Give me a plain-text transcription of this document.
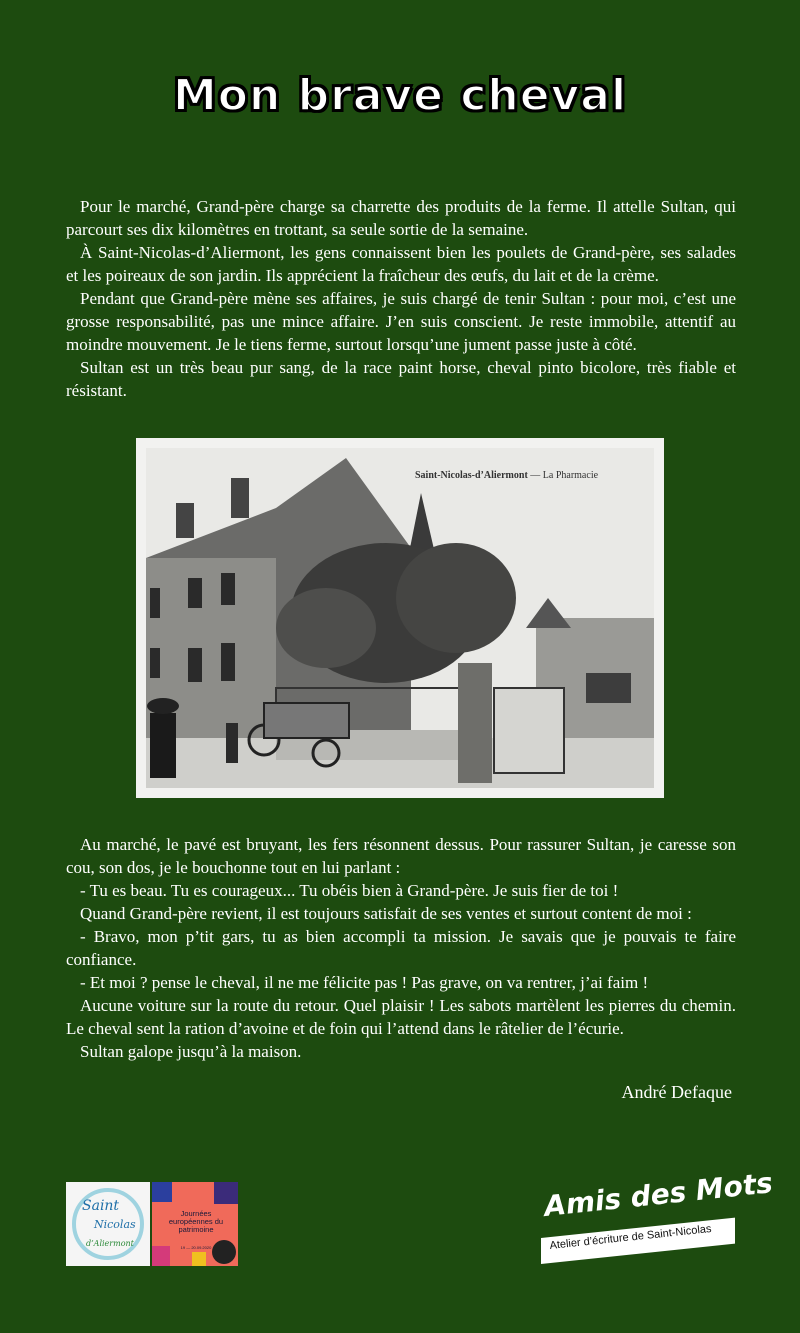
Mon brave cheval

Pour le marché, Grand-père charge sa charrette des produits de la ferme. Il attelle Sultan, qui parcourt ses dix kilomètres en trottant, sa seule sortie de la semaine.

À Saint-Nicolas-d’Aliermont, les gens connaissent bien les poulets de Grand-père, ses salades et les poireaux de son jardin. Ils apprécient la fraîcheur des œufs, du lait et de la crème.

Pendant que Grand-père mène ses affaires, je suis chargé de tenir Sultan : pour moi, c’est une grosse responsabilité, pas une mince affaire. J’en suis conscient. Je reste immobile, attentif au moindre mouvement. Je le tiens ferme, surtout lorsqu’une jument passe juste à côté.

Sultan est un très beau pur sang, de la race paint horse, cheval pinto bicolore, très fiable et résistant.

Saint-Nicolas-d’Aliermont — La Pharmacie

Au marché, le pavé est bruyant, les fers résonnent dessus. Pour rassurer Sultan, je caresse son cou, son dos, je le bouchonne tout en lui parlant :

- Tu es beau. Tu es courageux... Tu obéis bien à Grand-père. Je suis fier de toi !

Quand Grand-père revient, il est toujours satisfait de ses ventes et surtout content de moi :

- Bravo, mon p’tit gars, tu as bien accompli ta mission. Je savais que je pouvais te faire confiance.

- Et moi ? pense le cheval, il ne me félicite pas ! Pas grave, on va rentrer, j’ai faim !

Aucune voiture sur la route du retour. Quel plaisir ! Les sabots martèlent les pierres du chemin. Le cheval sent la ration d’avoine et de foin qui l’attend dans le râtelier de l’écurie.

Sultan galope jusqu’à la maison.

André Defaque
Saint
Nicolas
d’Aliermont
Journées européennes du patrimoine
19 — 20.09.2020
Amis des Mots
Atelier d’écriture de Saint-Nicolas
